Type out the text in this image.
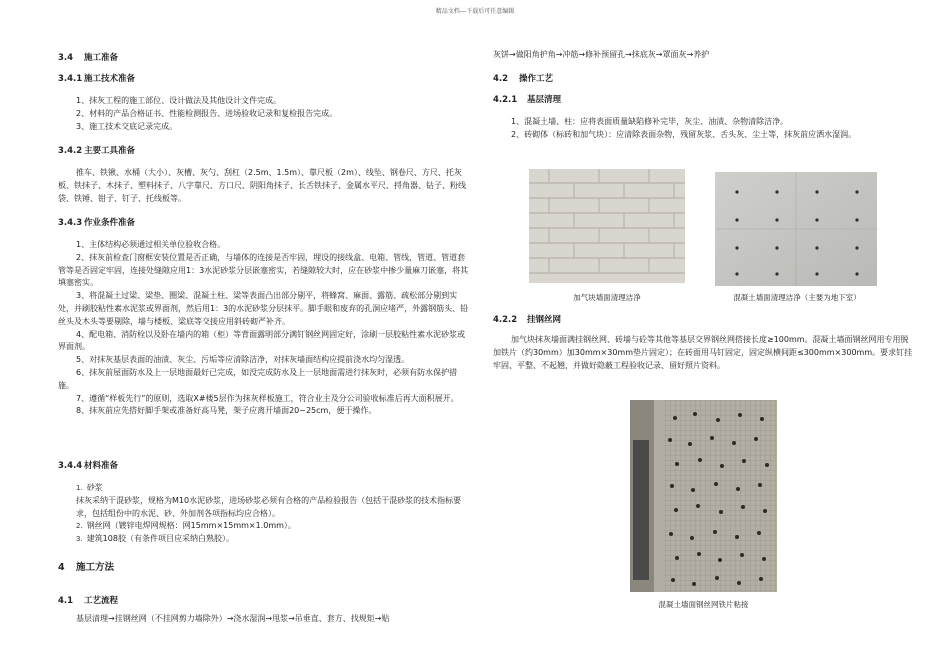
精品文档---下载后可任意编辑
3.4 施工准备
3.4.1 施工技术准备

1、抹灰工程的施工部位、设计做法及其他设计文件完成。

2、材料的产品合格证书、性能检测报告、进场验收记录和复检报告完成。

3、施工技术交底记录完成。

3.4.2 主要工具准备
推车、铁锹、水桶（大小）、灰槽、灰勺、刮杠（2.5m、1.5m）、靠尺板（2m）、线坠、钢卷尺、方尺、托灰板、铁抹子、木抹子、塑料抹子、八字靠尺、方口尺、阴阳角抹子、长舌铁抹子、金属水平尺、捋角器、钻子、粉线袋、铁锤、钳子、钉子、托线板等。
3.4.3 作业条件准备

1、主体结构必须通过相关单位验收合格。

2、抹灰前检查门窗框安装位置是否正确，与墙体的连接是否牢固，埋设的接线盒、电箱、管线，管道、管道套管等是否固定牢固，连接处缝隙应用1：3水泥砂浆分层嵌塞密实，若缝隙较大时，应在砂浆中掺少量麻刀嵌塞，将其填塞密实。

3、将混凝土过梁、梁垫、圈梁、混凝土柱、梁等表面凸出部分剔平，将蜂窝、麻面、露筋、疏松部分剔到实处，并刷胶粘性素水泥浆或界面剂，然后用1：3的水泥砂浆分层抹平。脚手眼和废弃的孔洞应堵严，外露钢筋头、铅丝头及木头等要剔除，墙与楼板、梁底等交接应用斜砖砌严补齐。

4、配电箱、消防栓以及卧在墙内的箱（柜）等背面露明部分满钉钢丝网固定好，涂刷一层胶粘性素水泥砂浆或界面剂。

5、对抹灰基层表面的油渍、灰尘、污垢等应清除洁净，对抹灰墙面结构应提前浇水均匀湿透。

6、抹灰前屋面防水及上一层地面最好已完成，如没完成防水及上一层地面需进行抹灰时，必须有防水保护措施。

7、遵循“样板先行”的原则，选取X#楼5层作为抹灰样板施工，符合业主及分公司验收标准后再大面积展开。

8、抹灰前应先搭好脚手架或准备好高马凳，架子应离开墙面20~25cm，便于操作。

3.4.4 材料准备

1. 砂浆

抹灰采纳干混砂浆，规格为M10水泥砂浆，进场砂浆必须有合格的产品检验报告（包括干混砂浆的技术指标要求，包括组份中的水泥、砂、外加剂各项指标均应合格）。

2. 钢丝网（镀锌电焊网规格：网15mm×15mm×1.0mm）。

3. 建筑108胶（有条件项目应采纳白熟胶）。

4 施工方法
4.1 工艺流程
基层清理→挂钢丝网（不挂网剪力墙除外）→浇水湿润→甩浆→吊垂直、套方、找规矩→贴
灰饼→做阳角护角→冲筋→修补预留孔→抹底灰→罩面灰→养护
4.2 操作工艺
4.2.1 基层清理

1、混凝土墙、柱：应将表面质量缺陷修补完毕，灰尘、油渍、杂物清除洁净。

2、砖砌体（标砖和加气块）：应清除表面杂物，残留灰浆、舌头灰、尘土等，抹灰前应洒水湿润。

加气块墙面清理洁净	混凝土墙面清理洁净（主要为地下室）
4.2.2 挂钢丝网
加气块抹灰墙面满挂钢丝网、砖墙与砼等其他等基层交界钢丝网搭接长度≥100mm。混凝土墙面钢丝网用专用脱加铁片（约30mm）加30mm×30mm垫片固定）；在砖面用马钉固定，固定纵横间距≤300mm×300mm。要求钉挂牢固、平整、不起翘，并做好隐蔽工程验收记录、留好照片资料。
混凝土墙面钢丝网铁片粘接
